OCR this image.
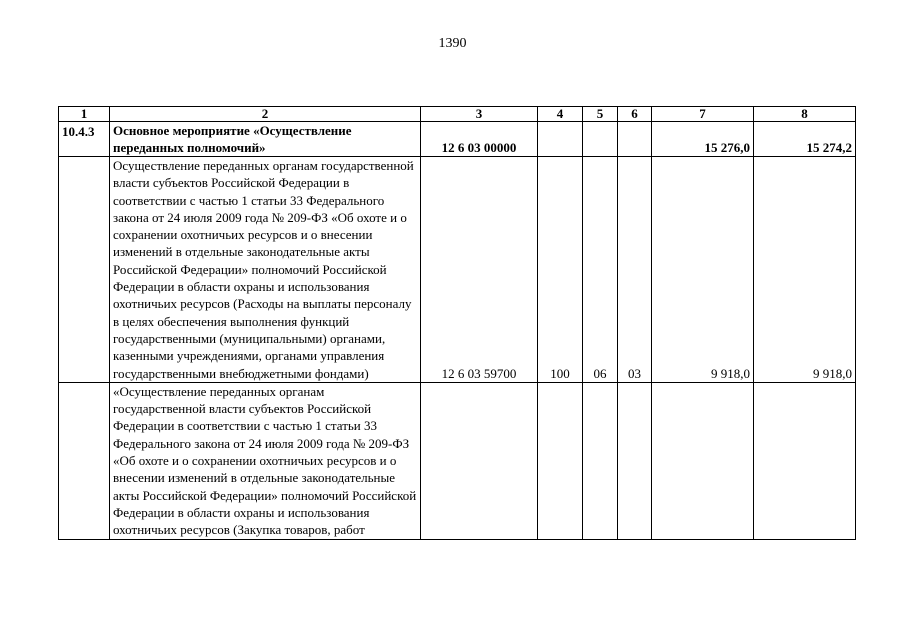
1390
1	2	3	4	5	6	7	8
10.4.3	Основное мероприятие «Осуществление переданных полномочий»	12 6 03 00000				15 276,0	15 274,2
	Осуществление переданных органам государственной власти субъектов Российской Федерации в соответствии с частью 1 статьи 33 Федерального закона от 24 июля 2009 года № 209-ФЗ «Об охоте и о сохранении охотничьих ресурсов и о внесении изменений в отдельные законодательные акты Российской Федерации» полномочий Российской Федерации в области охраны и использования охотничьих ресурсов (Расходы на выплаты персоналу в целях обеспечения выполнения функций государственными (муниципальными) органами, казенными учреждениями, органами управления государственными внебюджетными фондами)	12 6 03 59700	100	06	03	9 918,0	9 918,0
	«Осуществление переданных органам государственной власти субъектов Российской Федерации в соответствии с частью 1 статьи 33 Федерального закона от 24 июля 2009 года № 209-ФЗ «Об охоте и о сохранении охотничьих ресурсов и о внесении изменений в отдельные законодательные акты Российской Федерации» полномочий Российской Федерации в области охраны и использования охотничьих ресурсов (Закупка товаров, работ						
